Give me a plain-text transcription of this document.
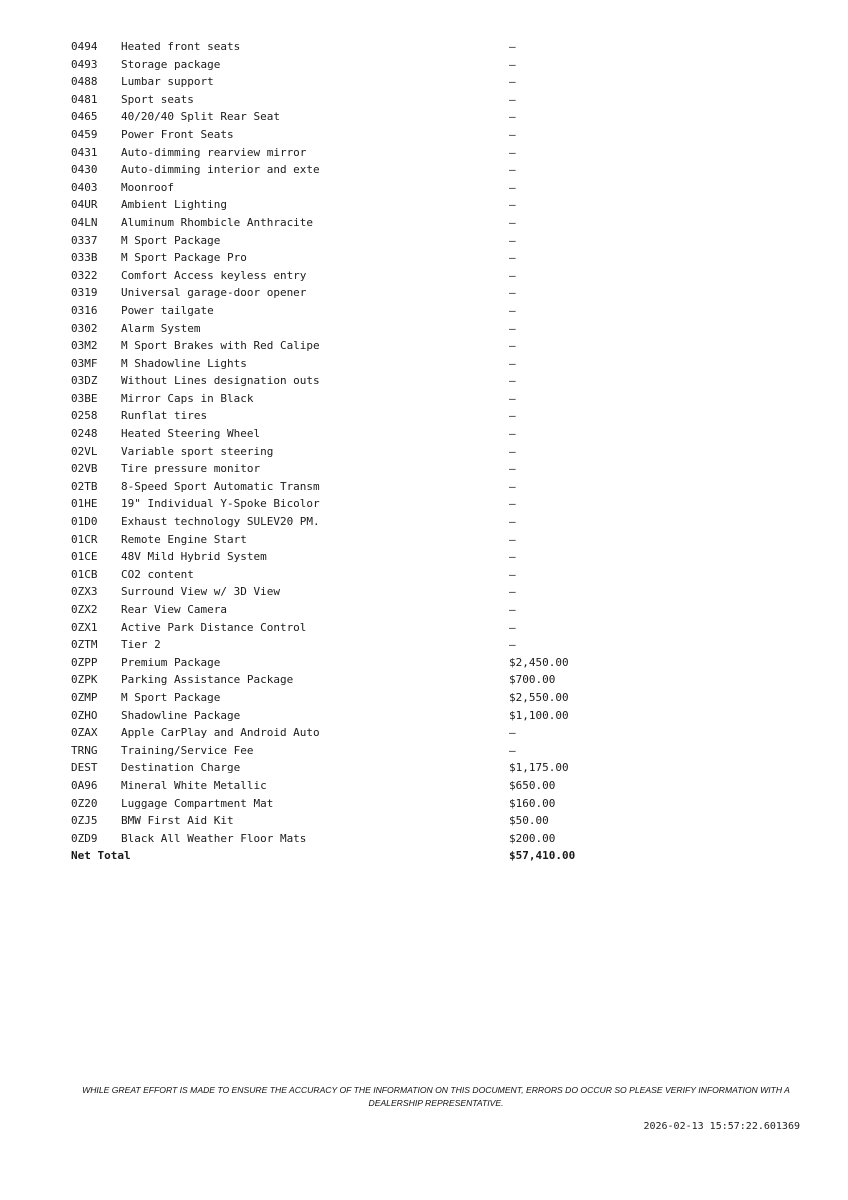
0494	Heated front seats	—
0493	Storage package	—
0488	Lumbar support	—
0481	Sport seats	—
0465	40/20/40 Split Rear Seat	—
0459	Power Front Seats	—
0431	Auto-dimming rearview mirror	—
0430	Auto-dimming interior and exte	—
0403	Moonroof	—
04UR	Ambient Lighting	—
04LN	Aluminum Rhombicle Anthracite	—
0337	M Sport Package	—
033B	M Sport Package Pro	—
0322	Comfort Access keyless entry	—
0319	Universal garage-door opener	—
0316	Power tailgate	—
0302	Alarm System	—
03M2	M Sport Brakes with Red Calipe	—
03MF	M Shadowline Lights	—
03DZ	Without Lines designation outs	—
03BE	Mirror Caps in Black	—
0258	Runflat tires	—
0248	Heated Steering Wheel	—
02VL	Variable sport steering	—
02VB	Tire pressure monitor	—
02TB	8-Speed Sport Automatic Transm	—
01HE	19" Individual Y-Spoke Bicolor	—
01D0	Exhaust technology SULEV20 PM.	—
01CR	Remote Engine Start	—
01CE	48V Mild Hybrid System	—
01CB	CO2 content	—
0ZX3	Surround View w/ 3D View	—
0ZX2	Rear View Camera	—
0ZX1	Active Park Distance Control	—
0ZTM	Tier 2	—
0ZPP	Premium Package	$2,450.00
0ZPK	Parking Assistance Package	$700.00
0ZMP	M Sport Package	$2,550.00
0ZHO	Shadowline Package	$1,100.00
0ZAX	Apple CarPlay and Android Auto	—
TRNG	Training/Service Fee	—
DEST	Destination Charge	$1,175.00
0A96	Mineral White Metallic	$650.00
0Z20	Luggage Compartment Mat	$160.00
0ZJ5	BMW First Aid Kit	$50.00
0ZD9	Black All Weather Floor Mats	$200.00
Net Total		$57,410.00
WHILE GREAT EFFORT IS MADE TO ENSURE THE ACCURACY OF THE INFORMATION ON THIS DOCUMENT, ERRORS DO OCCUR SO PLEASE VERIFY INFORMATION WITH A DEALERSHIP REPRESENTATIVE.
2026-02-13 15:57:22.601369
